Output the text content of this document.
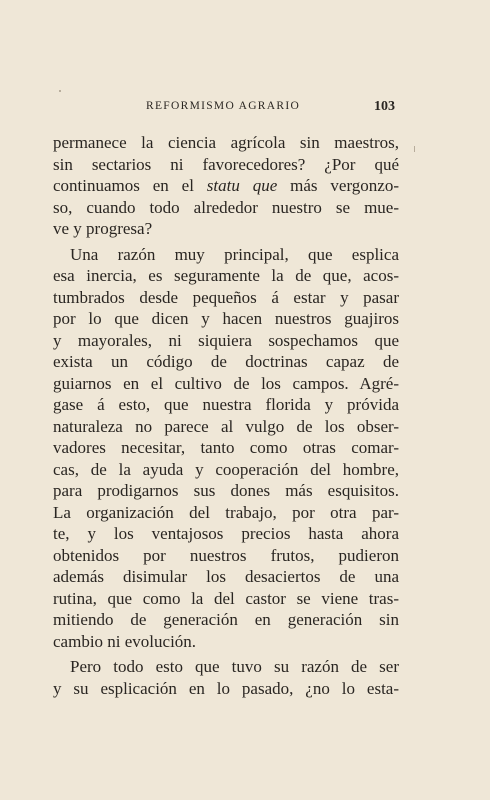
REFORMISMO AGRARIO	103

permanece la ciencia agrícola sin maestros,
sin sectarios ni favorecedores? ¿Por qué
continuamos en el statu que más vergonzo-
so, cuando todo alrededor nuestro se mue-
ve y progresa?

Una razón muy principal, que esplica
esa inercia, es seguramente la de que, acos-
tumbrados desde pequeños á estar y pasar
por lo que dicen y hacen nuestros guajiros
y mayorales, ni siquiera sospechamos que
exista un código de doctrinas capaz de
guiarnos en el cultivo de los campos. Agré-
gase á esto, que nuestra florida y próvida
naturaleza no parece al vulgo de los obser-
vadores necesitar, tanto como otras comar-
cas, de la ayuda y cooperación del hombre,
para prodigarnos sus dones más esquisitos.
La organización del trabajo, por otra par-
te, y los ventajosos precios hasta ahora
obtenidos por nuestros frutos, pudieron
además disimular los desaciertos de una
rutina, que como la del castor se viene tras-
mitiendo de generación en generación sin
cambio ni evolución.

Pero todo esto que tuvo su razón de ser
y su esplicación en lo pasado, ¿no lo esta-
